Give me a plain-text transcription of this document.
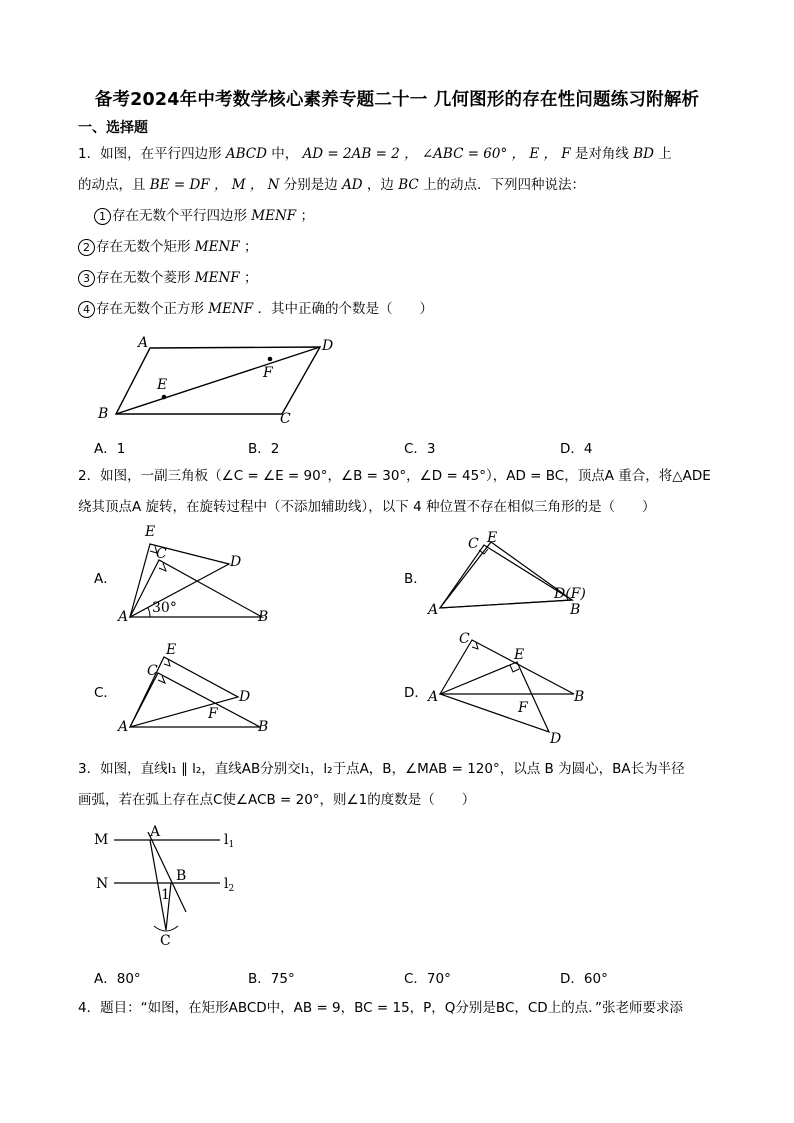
备考2024年中考数学核心素养专题二十一 几何图形的存在性问题练习附解析
一、选择题
1．如图，在平行四边形 ABCD 中， AD = 2AB = 2 ， ∠ABC = 60° ， E ， F 是对角线 BD 上
的动点，且 BE = DF ， M ， N 分别是边 AD ，边 BC 上的动点．下列四种说法：
1 存在无数个平行四边形 MENF ；
2 存在无数个矩形 MENF ；
3 存在无数个菱形 MENF ；
4 存在无数个正方形 MENF ．其中正确的个数是（　　）
A	D
B	C
E
F
A．1	B．2	C．3	D．4
2．如图，一副三角板（∠C = ∠E = 90°，∠B = 30°，∠D = 45°），AD = BC，顶点A 重合，将△ADE
绕其顶点A 旋转，在旋转过程中（不添加辅助线），以下 4 种位置不存在相似三角形的是（　　）
A．
E
C	D
A	B
30°
B．
C E
D(F)
A	B
C．
E
C
D
F
A	B
D．
C
E
A	B
F
D
3．如图，直线l₁ ∥ l₂，直线AB分别交l₁，l₂于点A，B，∠MAB = 120°，以点 B 为圆心，BA长为半径
画弧，若在弧上存在点C使∠ACB = 20°，则∠1的度数是（　　）
M	A	$l_1$
N	B	$l_2$
1
C
A．80°	B．75°	C．70°	D．60°
4．题目：“如图，在矩形ABCD中，AB = 9，BC = 15，P，Q分别是BC，CD上的点．”张老师要求添
